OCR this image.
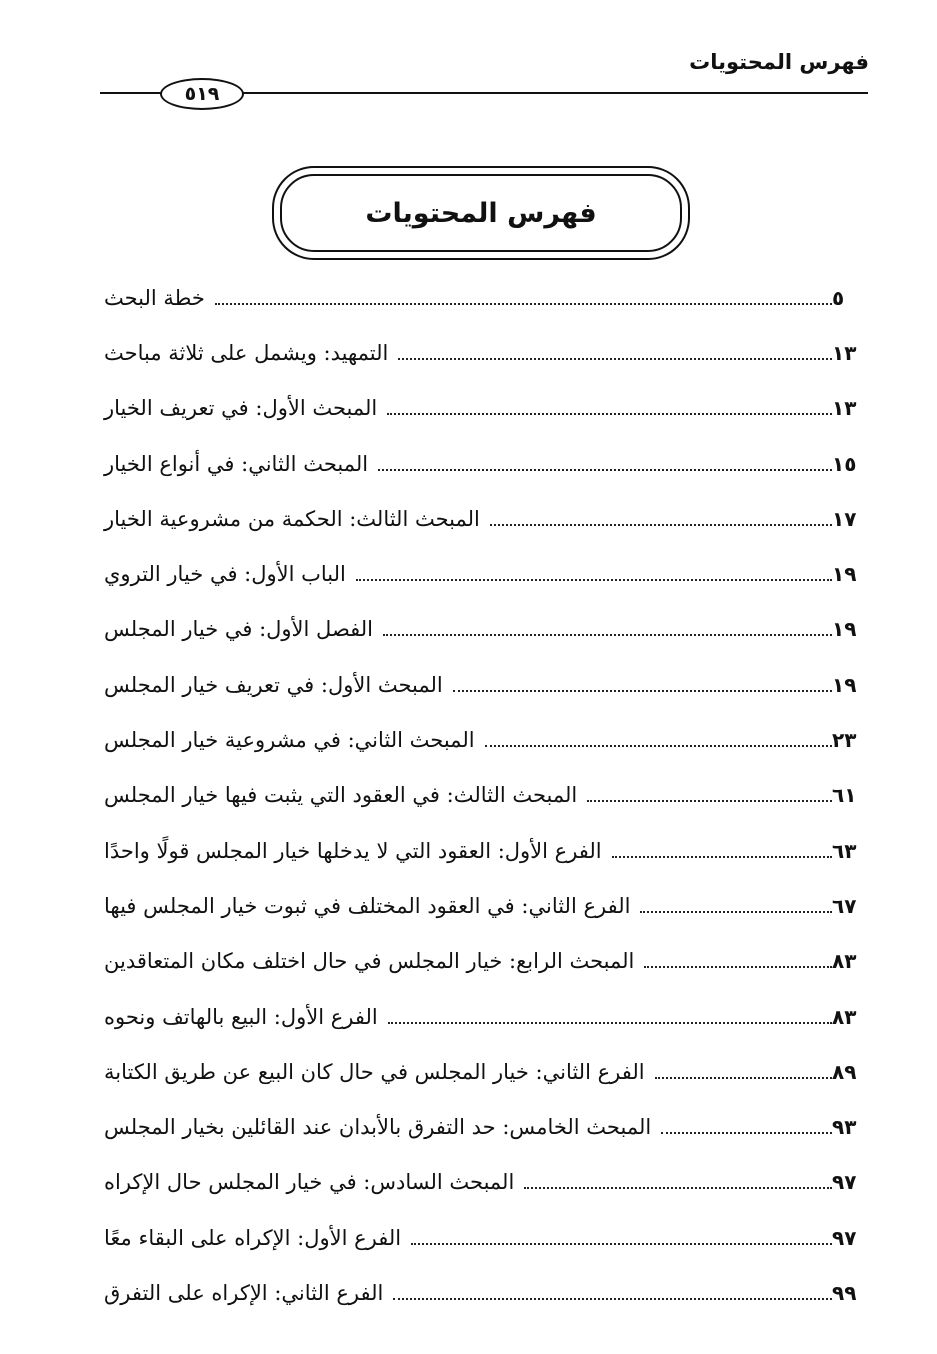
فهرس المحتويات
٥١٩
فهرس المحتويات
خطة البحث	٥
التمهيد: ويشمل على ثلاثة مباحث	١٣
المبحث الأول: في تعريف الخيار	١٣
المبحث الثاني: في أنواع الخيار	١٥
المبحث الثالث: الحكمة من مشروعية الخيار	١٧
الباب الأول: في خيار التروي	١٩
الفصل الأول: في خيار المجلس	١٩
المبحث الأول: في تعريف خيار المجلس	١٩
المبحث الثاني: في مشروعية خيار المجلس	٢٣
المبحث الثالث: في العقود التي يثبت فيها خيار المجلس	٦١
الفرع الأول: العقود التي لا يدخلها خيار المجلس قولًا واحدًا	٦٣
الفرع الثاني: في العقود المختلف في ثبوت خيار المجلس فيها	٦٧
المبحث الرابع: خيار المجلس في حال اختلف مكان المتعاقدين	٨٣
الفرع الأول: البيع بالهاتف ونحوه	٨٣
الفرع الثاني: خيار المجلس في حال كان البيع عن طريق الكتابة	٨٩
المبحث الخامس: حد التفرق بالأبدان عند القائلين بخيار المجلس	٩٣
المبحث السادس: في خيار المجلس حال الإكراه	٩٧
الفرع الأول: الإكراه على البقاء معًا	٩٧
الفرع الثاني: الإكراه على التفرق	٩٩
